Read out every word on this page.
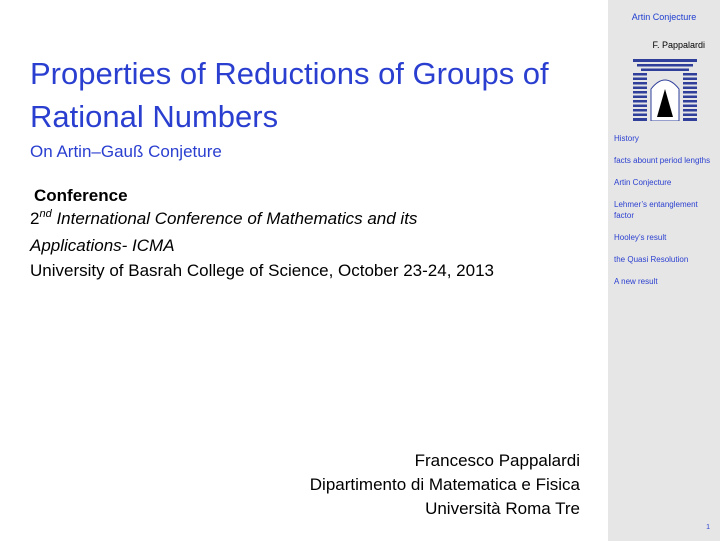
Properties of Reductions of Groups of Rational Numbers
On Artin–Gauß Conjeture
Conference
2nd International Conference of Mathematics and its
Applications- ICMA
University of Basrah College of Science, October 23-24, 2013
Francesco Pappalardi
Dipartimento di Matematica e Fisica
Università Roma Tre
Artin Conjecture
F. Pappalardi
History
facts abount period lengths
Artin Conjecture
Lehmer’s entanglement factor
Hooley’s result
the Quasi Resolution
A new result
1
